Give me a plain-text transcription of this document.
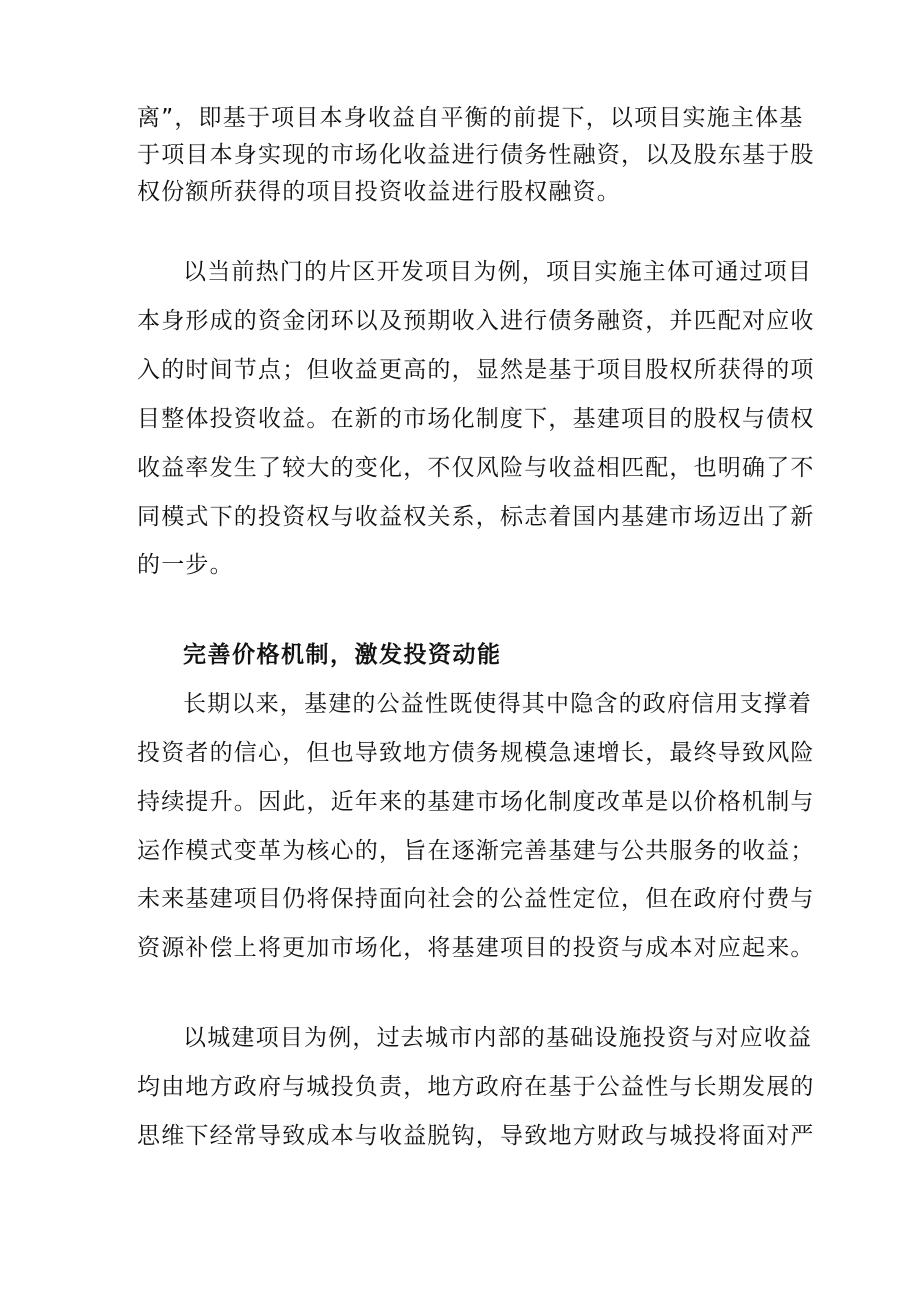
离”，即基于项目本身收益自平衡的前提下，以项目实施主体基
于项目本身实现的市场化收益进行债务性融资，以及股东基于股
权份额所获得的项目投资收益进行股权融资。
以当前热门的片区开发项目为例，项目实施主体可通过项目
本身形成的资金闭环以及预期收入进行债务融资，并匹配对应收
入的时间节点；但收益更高的，显然是基于项目股权所获得的项
目整体投资收益。在新的市场化制度下，基建项目的股权与债权
收益率发生了较大的变化，不仅风险与收益相匹配，也明确了不
同模式下的投资权与收益权关系，标志着国内基建市场迈出了新
的一步。
完善价格机制，激发投资动能
长期以来，基建的公益性既使得其中隐含的政府信用支撑着
投资者的信心，但也导致地方债务规模急速增长，最终导致风险
持续提升。因此，近年来的基建市场化制度改革是以价格机制与
运作模式变革为核心的，旨在逐渐完善基建与公共服务的收益；
未来基建项目仍将保持面向社会的公益性定位，但在政府付费与
资源补偿上将更加市场化，将基建项目的投资与成本对应起来。
以城建项目为例，过去城市内部的基础设施投资与对应收益
均由地方政府与城投负责，地方政府在基于公益性与长期发展的
思维下经常导致成本与收益脱钩，导致地方财政与城投将面对严
